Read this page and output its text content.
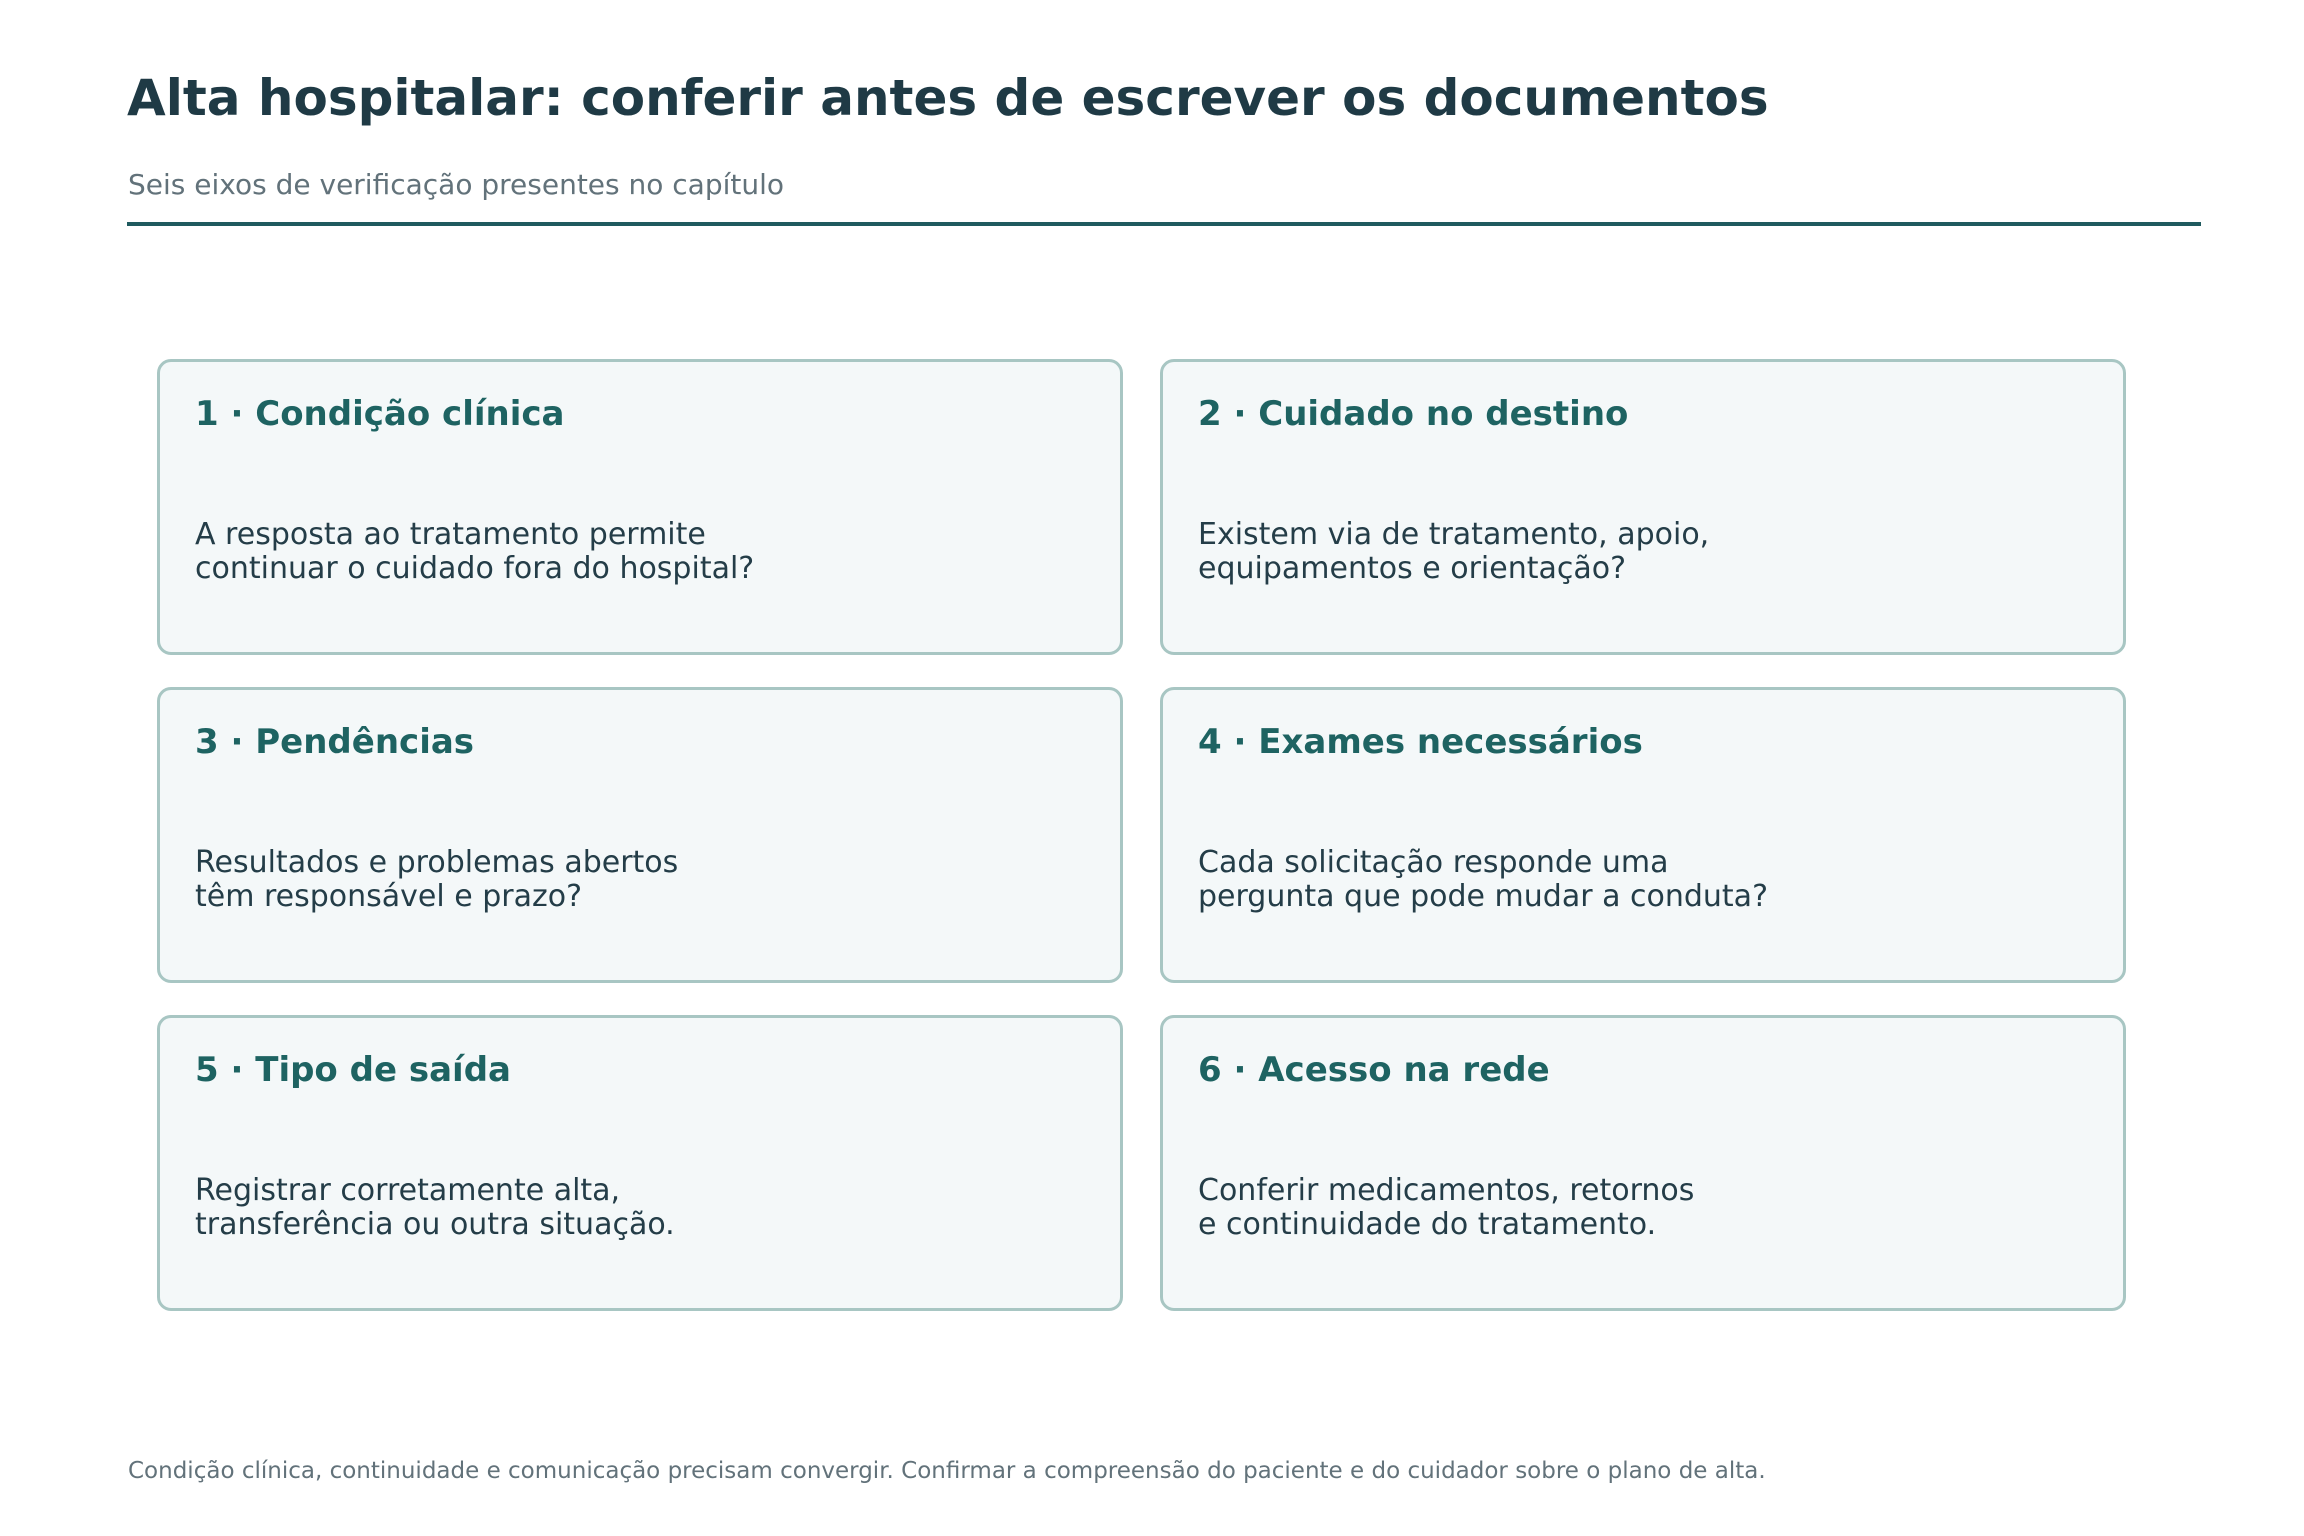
Alta hospitalar: conferir antes de escrever os documentos
Seis eixos de verificação presentes no capítulo
1 · Condição clínica
A resposta ao tratamento permite
continuar o cuidado fora do hospital?
2 · Cuidado no destino
Existem via de tratamento, apoio,
equipamentos e orientação?
3 · Pendências
Resultados e problemas abertos
têm responsável e prazo?
4 · Exames necessários
Cada solicitação responde uma
pergunta que pode mudar a conduta?
5 · Tipo de saída
Registrar corretamente alta,
transferência ou outra situação.
6 · Acesso na rede
Conferir medicamentos, retornos
e continuidade do tratamento.
Condição clínica, continuidade e comunicação precisam convergir. Confirmar a compreensão do paciente e do cuidador sobre o plano de alta.
